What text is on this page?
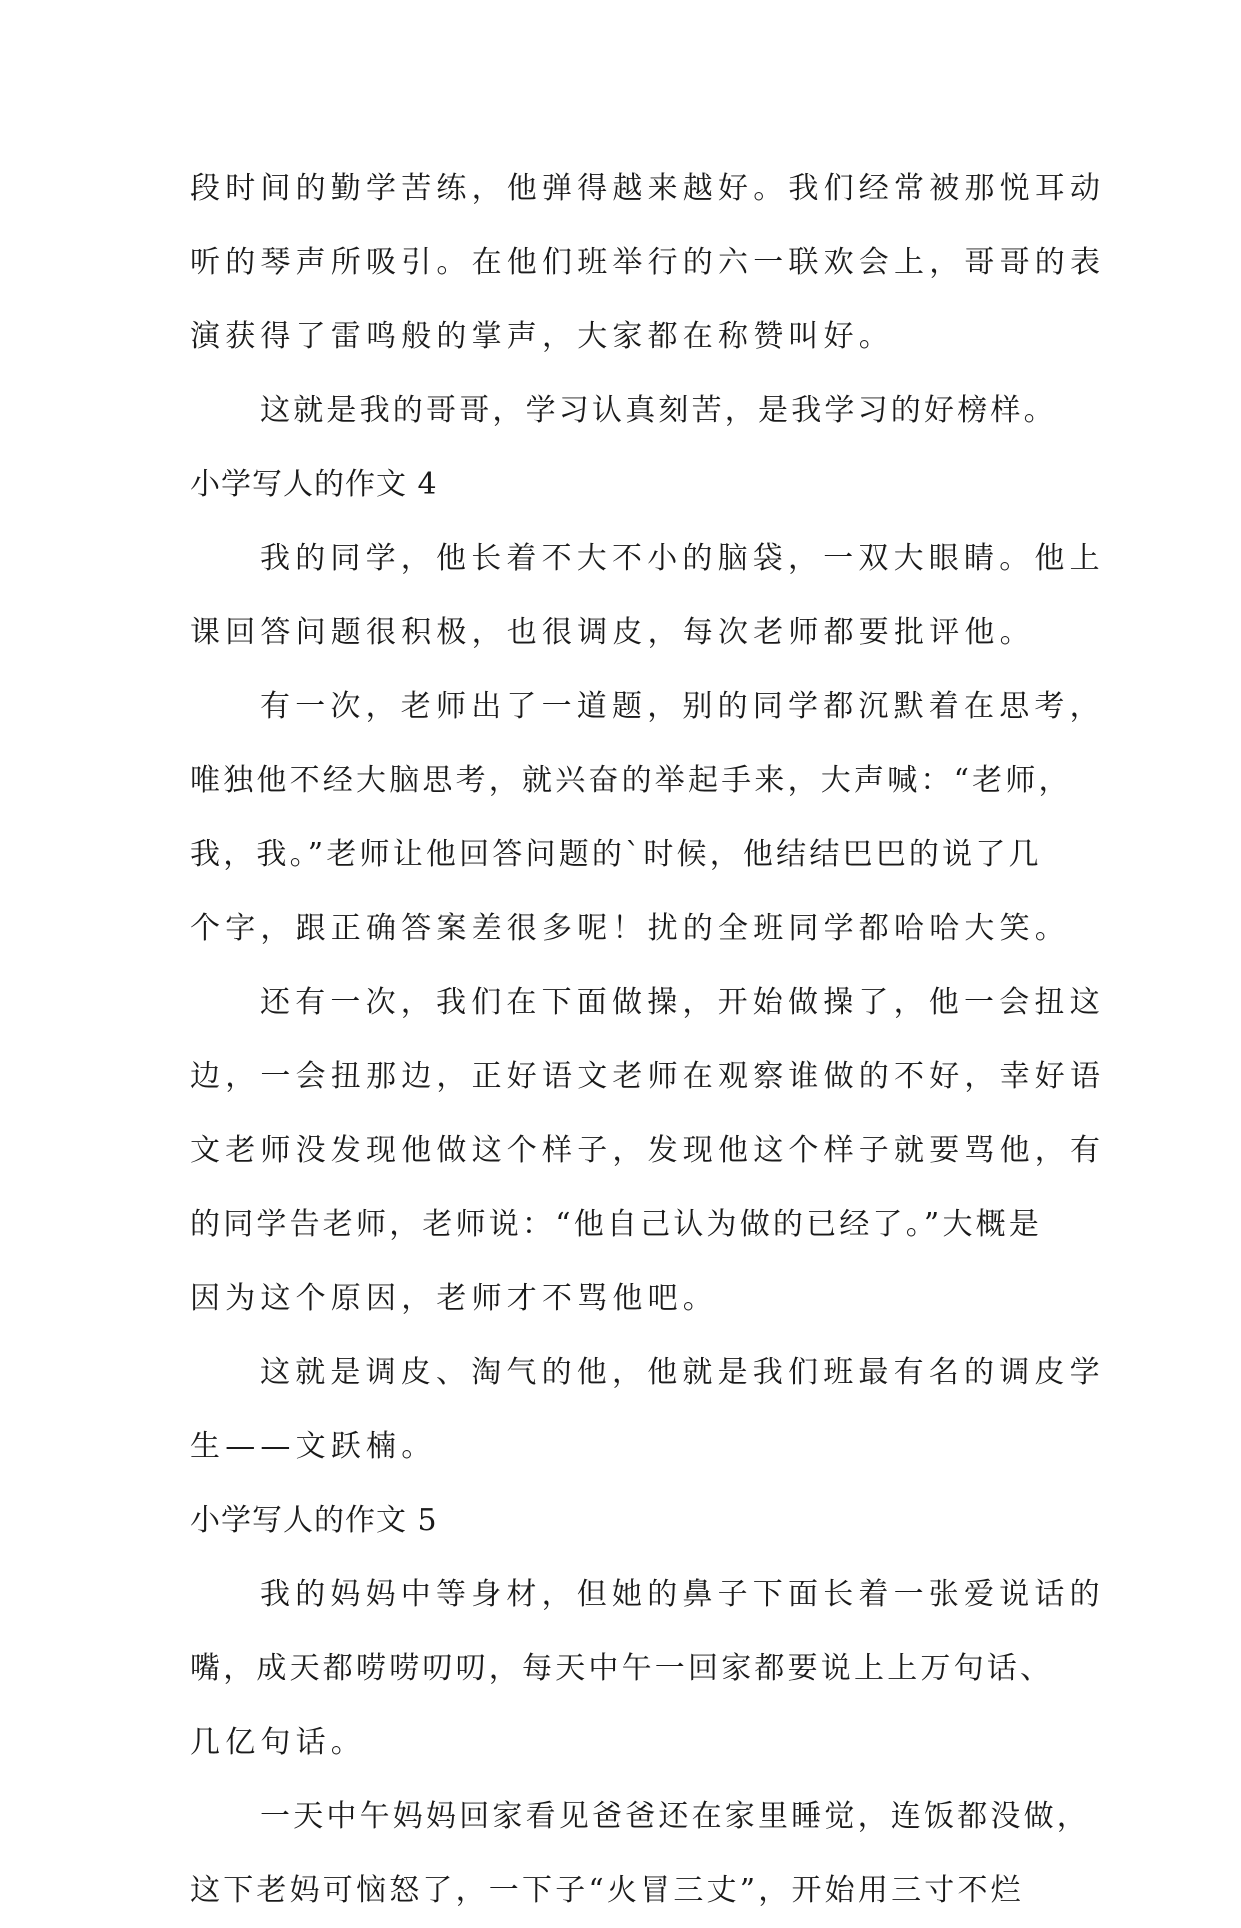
段时间的勤学苦练，他弹得越来越好。我们经常被那悦耳动
听的琴声所吸引。在他们班举行的六一联欢会上，哥哥的表
演获得了雷鸣般的掌声，大家都在称赞叫好。
这就是我的哥哥，学习认真刻苦，是我学习的好榜样。
小学写人的作文 4
我的同学，他长着不大不小的脑袋，一双大眼睛。他上
课回答问题很积极，也很调皮，每次老师都要批评他。
有一次，老师出了一道题，别的同学都沉默着在思考，
唯独他不经大脑思考，就兴奋的举起手来，大声喊：“老师，
我，我。”老师让他回答问题的`时候，他结结巴巴的说了几
个字，跟正确答案差很多呢！扰的全班同学都哈哈大笑。
还有一次，我们在下面做操，开始做操了，他一会扭这
边，一会扭那边，正好语文老师在观察谁做的不好，幸好语
文老师没发现他做这个样子，发现他这个样子就要骂他，有
的同学告老师，老师说：“他自己认为做的已经了。”大概是
因为这个原因，老师才不骂他吧。
这就是调皮、淘气的他，他就是我们班最有名的调皮学
生——文跃楠。
小学写人的作文 5
我的妈妈中等身材，但她的鼻子下面长着一张爱说话的
嘴，成天都唠唠叨叨，每天中午一回家都要说上上万句话、
几亿句话。
一天中午妈妈回家看见爸爸还在家里睡觉，连饭都没做，
这下老妈可恼怒了，一下子“火冒三丈”，开始用三寸不烂
